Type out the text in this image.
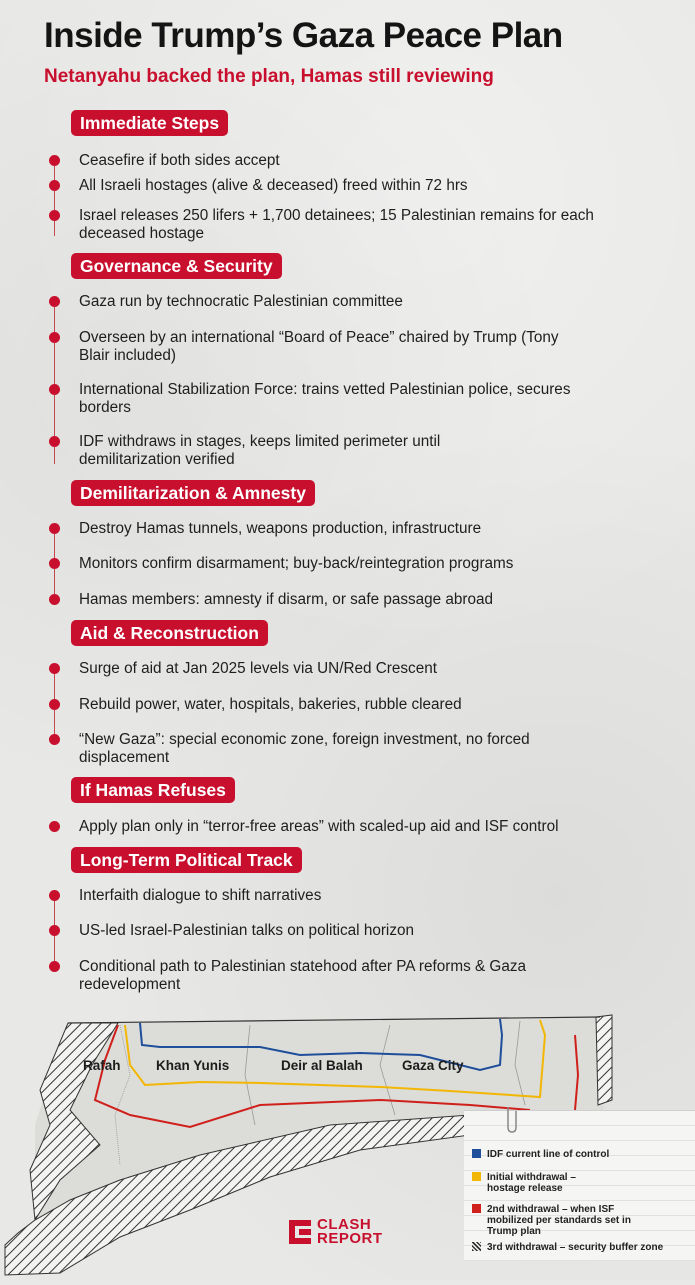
Inside Trump’s Gaza Peace Plan
Netanyahu backed the plan, Hamas still reviewing
Immediate Steps
Ceasefire if both sides accept
All Israeli hostages (alive & deceased) freed within 72 hrs
Israel releases 250 lifers + 1,700 detainees; 15 Palestinian remains for each deceased hostage
Governance & Security
Gaza run by technocratic Palestinian committee
Overseen by an international “Board of Peace” chaired by Trump (Tony Blair included)
International Stabilization Force: trains vetted Palestinian police, secures borders
IDF withdraws in stages, keeps limited perimeter until demilitarization verified
Demilitarization & Amnesty
Destroy Hamas tunnels, weapons production, infrastructure
Monitors confirm disarmament; buy-back/reintegration programs
Hamas members: amnesty if disarm, or safe passage abroad
Aid & Reconstruction
Surge of aid at Jan 2025 levels via UN/Red Crescent
Rebuild power, water, hospitals, bakeries, rubble cleared
“New Gaza”: special economic zone, foreign investment, no forced displacement
If Hamas Refuses
Apply plan only in “terror-free areas” with scaled-up aid and ISF control
Long-Term Political Track
Interfaith dialogue to shift narratives
US-led Israel-Palestinian talks on political horizon
Conditional path to Palestinian statehood after PA reforms & Gaza redevelopment
Rafah	Khan Yunis	Deir al Balah	Gaza City
IDF current line of control
Initial withdrawal – hostage release
2nd withdrawal – when ISF mobilized per standards set in Trump plan
3rd withdrawal – security buffer zone
CLASH
REPORT
